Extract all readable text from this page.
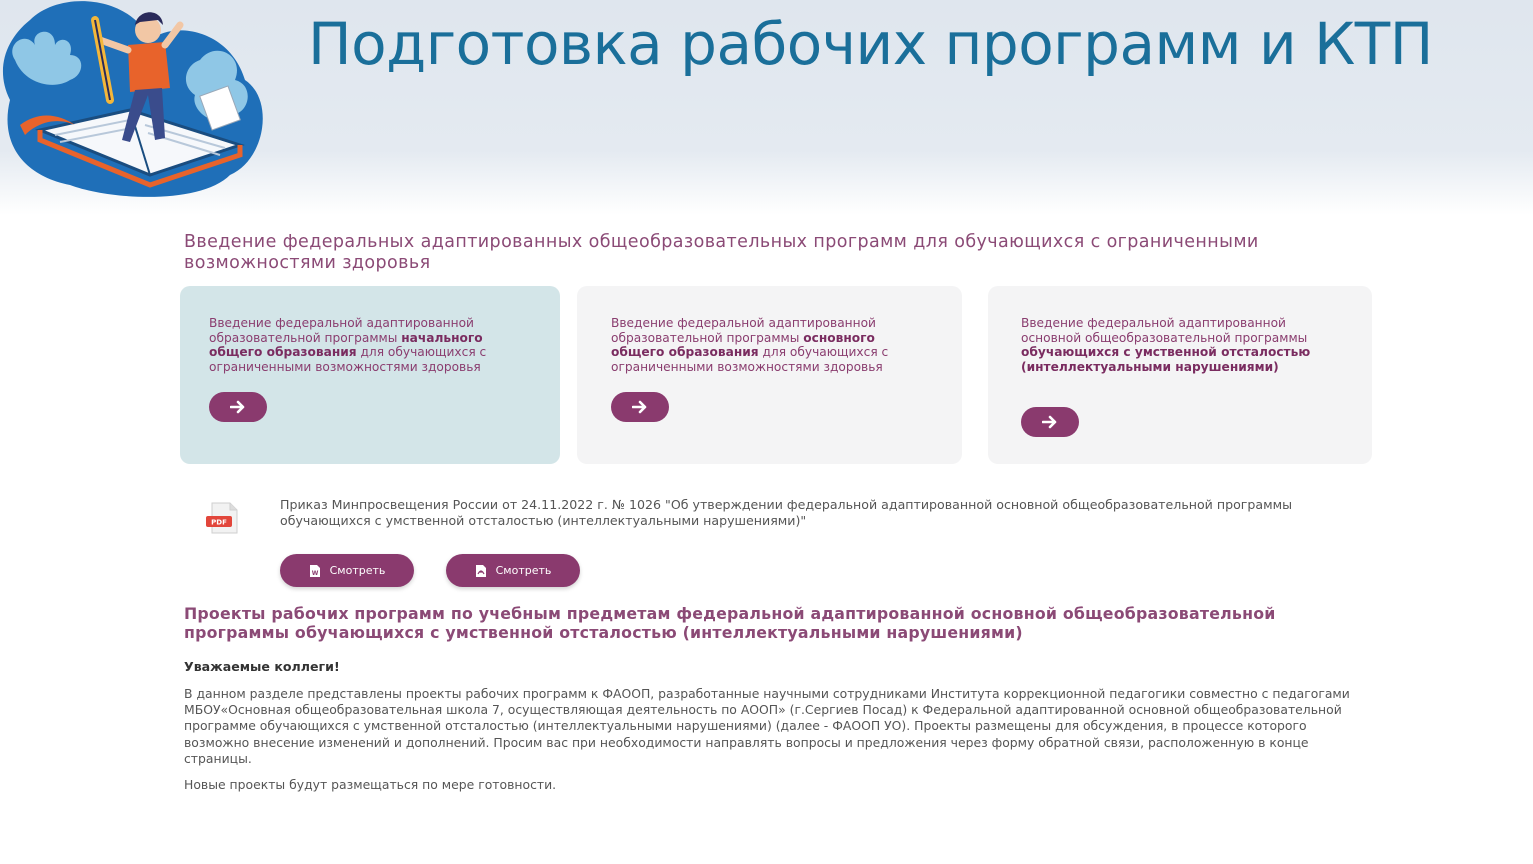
Подготовка рабочих программ и КТП
Введение федеральных адаптированных общеобразовательных программ для обучающихся с ограниченными возможностями здоровья
Введение федеральной адаптированной образовательной программы начального общего образования для обучающихся с ограниченными возможностями здоровья
Введение федеральной адаптированной образовательной программы основного общего образования для обучающихся с ограниченными возможностями здоровья
Введение федеральной адаптированной основной общеобразовательной программы обучающихся с умственной отсталостью (интеллектуальными нарушениями)
PDF
Приказ Минпросвещения России от 24.11.2022 г. № 1026 "Об утверждении федеральной адаптированной основной общеобразовательной программы обучающихся с умственной отсталостью (интеллектуальными нарушениями)"
W Смотреть	Смотреть
Проекты рабочих программ по учебным предметам федеральной адаптированной основной общеобразовательной программы обучающихся с умственной отсталостью (интеллектуальными нарушениями)
Уважаемые коллеги!
В данном разделе представлены проекты рабочих программ к ФАООП, разработанные научными сотрудниками Института коррекционной педагогики совместно с педагогами МБОУ«Основная общеобразовательная школа 7, осуществляющая деятельность по АООП» (г.Сергиев Посад) к Федеральной адаптированной основной общеобразовательной программе обучающихся с умственной отсталостью (интеллектуальными нарушениями) (далее - ФАООП УО). Проекты размещены для обсуждения, в процессе которого возможно внесение изменений и дополнений. Просим вас при необходимости направлять вопросы и предложения через форму обратной связи, расположенную в конце страницы.
Новые проекты будут размещаться по мере готовности.
